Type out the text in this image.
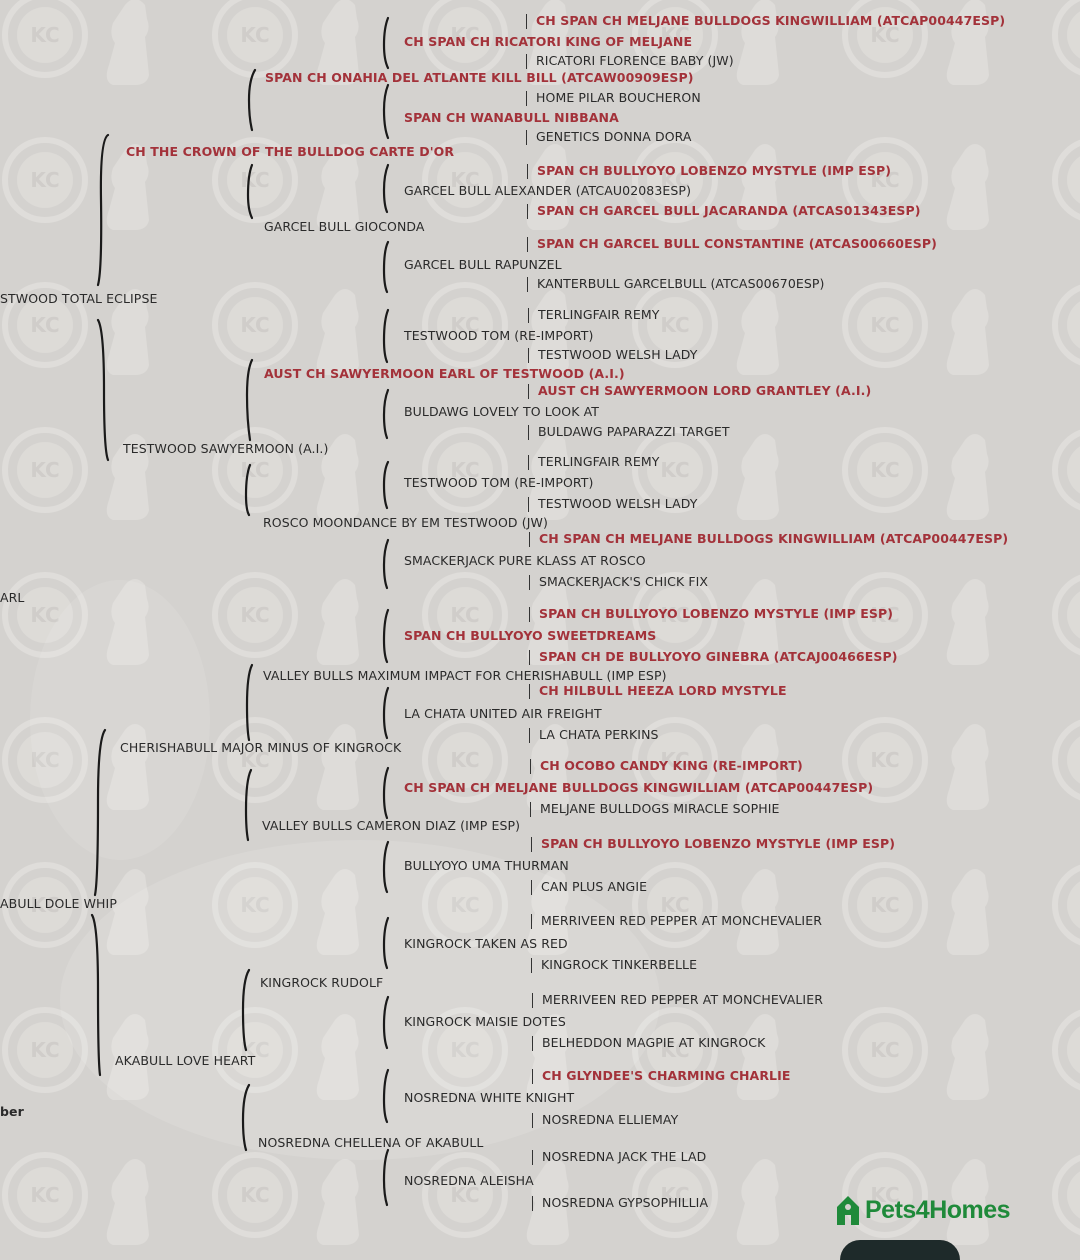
STWOOD TOTAL ECLIPSE
ARL
ABULL DOLE WHIP
ber
CH THE CROWN OF THE BULLDOG CARTE D'OR
TESTWOOD SAWYERMOON (A.I.)
CHERISHABULL MAJOR MINUS OF KINGROCK
AKABULL LOVE HEART
SPAN CH ONAHIA DEL ATLANTE KILL BILL (ATCAW00909ESP)
GARCEL BULL GIOCONDA
AUST CH SAWYERMOON EARL OF TESTWOOD (A.I.)
ROSCO MOONDANCE BY EM TESTWOOD (JW)
VALLEY BULLS MAXIMUM IMPACT FOR CHERISHABULL (IMP ESP)
VALLEY BULLS CAMERON DIAZ (IMP ESP)
KINGROCK RUDOLF
NOSREDNA CHELLENA OF AKABULL
CH SPAN CH RICATORI KING OF MELJANE
SPAN CH WANABULL NIBBANA
GARCEL BULL ALEXANDER (ATCAU02083ESP)
GARCEL BULL RAPUNZEL
TESTWOOD TOM (RE-IMPORT)
BULDAWG LOVELY TO LOOK AT
TESTWOOD TOM (RE-IMPORT)
SMACKERJACK PURE KLASS AT ROSCO
SPAN CH BULLYOYO SWEETDREAMS
LA CHATA UNITED AIR FREIGHT
CH SPAN CH MELJANE BULLDOGS KINGWILLIAM (ATCAP00447ESP)
BULLYOYO UMA THURMAN
KINGROCK TAKEN AS RED
KINGROCK MAISIE DOTES
NOSREDNA WHITE KNIGHT
NOSREDNA ALEISHA
CH SPAN CH MELJANE BULLDOGS KINGWILLIAM (ATCAP00447ESP)
RICATORI FLORENCE BABY (JW)
HOME PILAR BOUCHERON
GENETICS DONNA DORA
SPAN CH BULLYOYO LOBENZO MYSTYLE (IMP ESP)
SPAN CH GARCEL BULL JACARANDA (ATCAS01343ESP)
SPAN CH GARCEL BULL CONSTANTINE (ATCAS00660ESP)
KANTERBULL GARCELBULL (ATCAS00670ESP)
TERLINGFAIR REMY
TESTWOOD WELSH LADY
AUST CH SAWYERMOON LORD GRANTLEY (A.I.)
BULDAWG PAPARAZZI TARGET
TERLINGFAIR REMY
TESTWOOD WELSH LADY
CH SPAN CH MELJANE BULLDOGS KINGWILLIAM (ATCAP00447ESP)
SMACKERJACK'S CHICK FIX
SPAN CH BULLYOYO LOBENZO MYSTYLE (IMP ESP)
SPAN CH DE BULLYOYO GINEBRA (ATCAJ00466ESP)
CH HILBULL HEEZA LORD MYSTYLE
LA CHATA PERKINS
CH OCOBO CANDY KING (RE-IMPORT)
MELJANE BULLDOGS MIRACLE SOPHIE
SPAN CH BULLYOYO LOBENZO MYSTYLE (IMP ESP)
CAN PLUS ANGIE
MERRIVEEN RED PEPPER AT MONCHEVALIER
KINGROCK TINKERBELLE
MERRIVEEN RED PEPPER AT MONCHEVALIER
BELHEDDON MAGPIE AT KINGROCK
CH GLYNDEE'S CHARMING CHARLIE
NOSREDNA ELLIEMAY
NOSREDNA JACK THE LAD
NOSREDNA GYPSOPHILLIA	Pets4Homes
